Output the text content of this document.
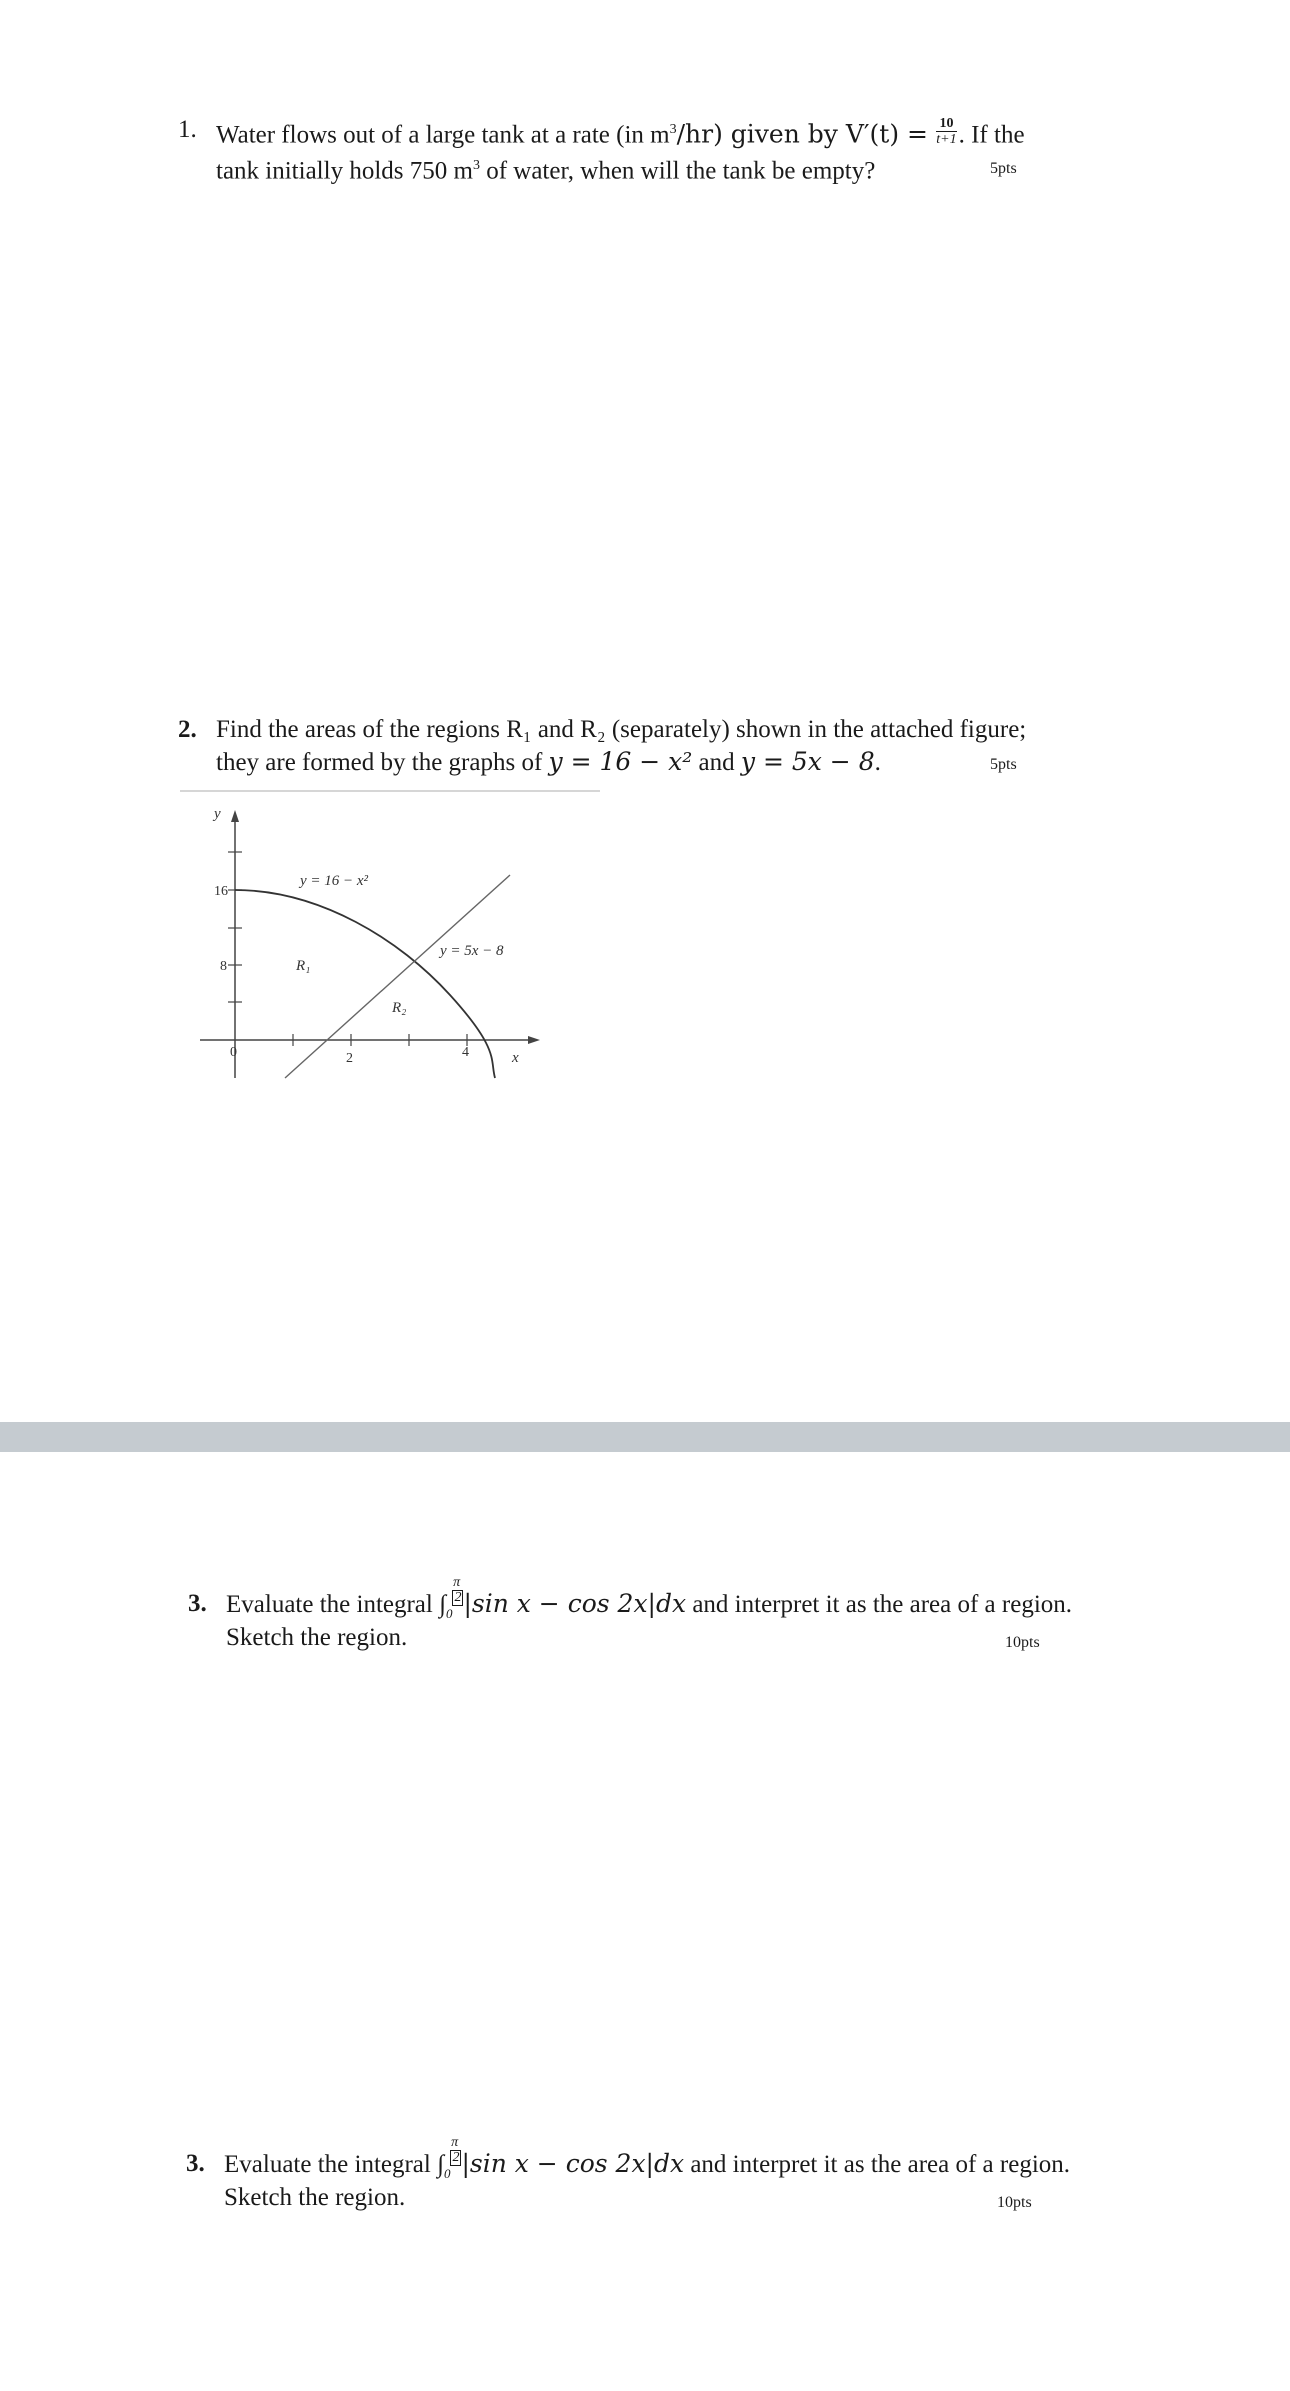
1. Water flows out of a large tank at a rate (in $m^3/hr$) given by $V'(t) = \frac{10}{t+1}$ . If the
tank initially holds 750 $m^3$ of water, when will the tank be empty?	5pts
2. Find the areas of the regions R₁ and R₂ (separately) shown in the attached figure;
they are formed by the graphs of y = 16 − x² and y = 5x − 8.	5pts
y
x
16
8
0	2	4
y = 16 − x²
y = 5x − 8
R₁
R₂
3. Evaluate the integral ∫
π
$_0$2|sin x − cos 2x|dx and interpret it as the area of a region.
Sketch the region.	10pts
3. Evaluate the integral ∫
π
$_0$2|sin x − cos 2x|dx and interpret it as the area of a region.
Sketch the region.	10pts
